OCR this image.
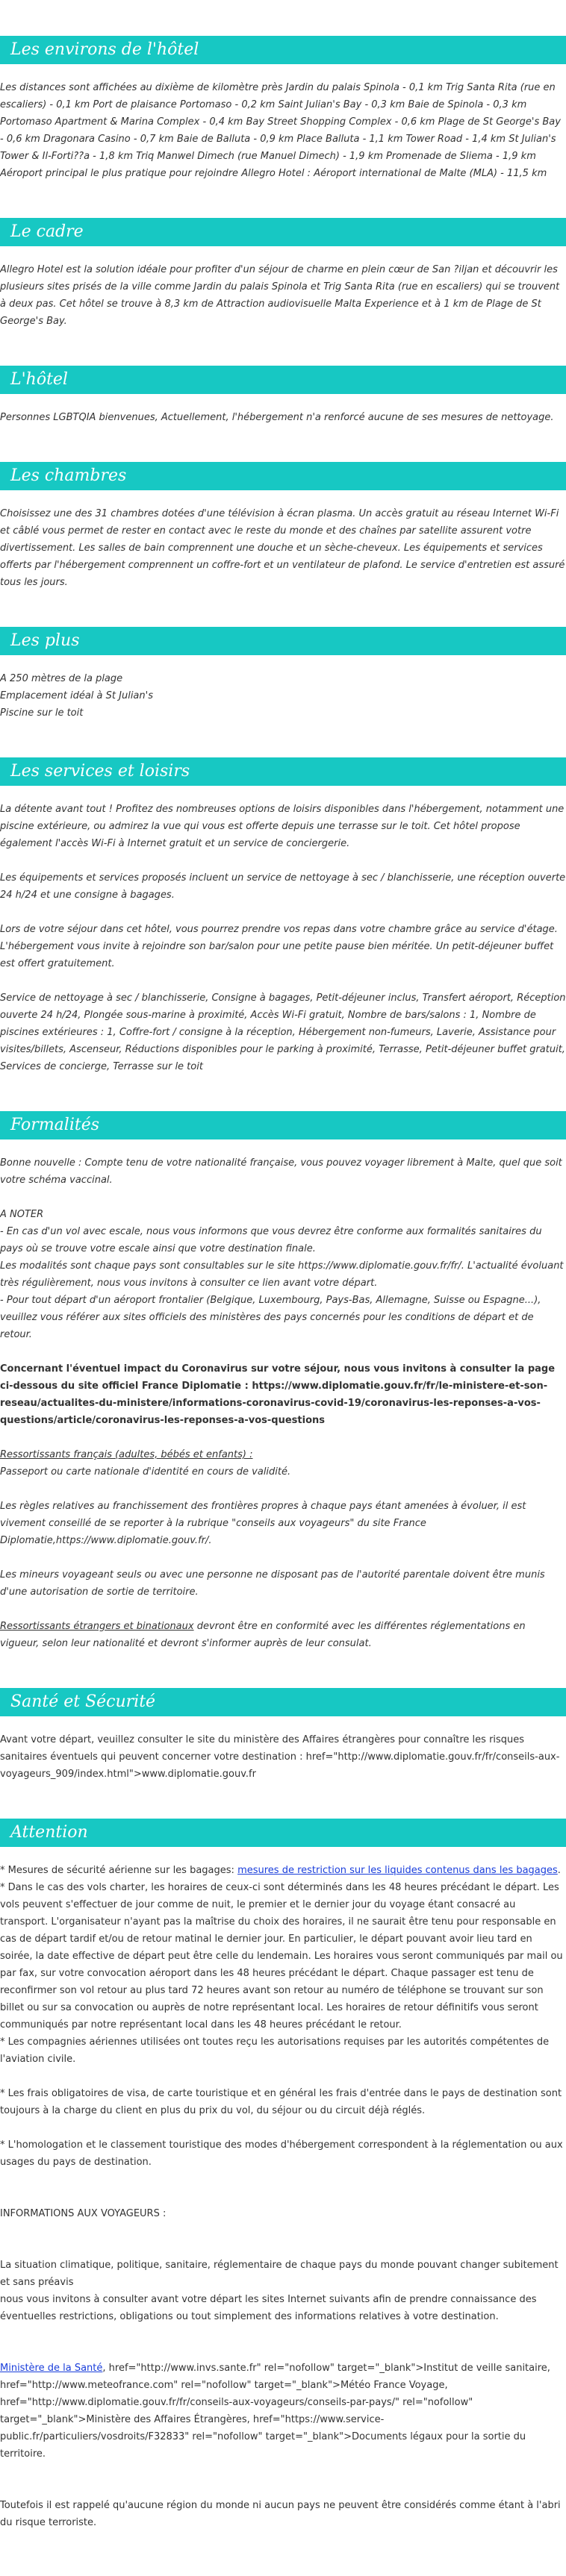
Les environs de l'hôtel
Les distances sont affichées au dixième de kilomètre près Jardin du palais Spinola - 0,1 km Trig Santa Rita (rue en escaliers) - 0,1 km Port de plaisance Portomaso - 0,2 km Saint Julian's Bay - 0,3 km Baie de Spinola - 0,3 km Portomaso Apartment & Marina Complex - 0,4 km Bay Street Shopping Complex - 0,6 km Plage de St George's Bay - 0,6 km Dragonara Casino - 0,7 km Baie de Balluta - 0,9 km Place Balluta - 1,1 km Tower Road - 1,4 km St Julian's Tower & Il-Forti??a - 1,8 km Triq Manwel Dimech (rue Manuel Dimech) - 1,9 km Promenade de Sliema - 1,9 km Aéroport principal le plus pratique pour rejoindre Allegro Hotel : Aéroport international de Malte (MLA) - 11,5 km
Le cadre
Allegro Hotel est la solution idéale pour profiter d'un séjour de charme en plein cœur de San ?iljan et découvrir les plusieurs sites prisés de la ville comme Jardin du palais Spinola et Trig Santa Rita (rue en escaliers) qui se trouvent à deux pas. Cet hôtel se trouve à 8,3 km de Attraction audiovisuelle Malta Experience et à 1 km de Plage de St George's Bay.
L'hôtel
Personnes LGBTQIA bienvenues, Actuellement, l'hébergement n'a renforcé aucune de ses mesures de nettoyage.
Les chambres
Choisissez une des 31 chambres dotées d'une télévision à écran plasma. Un accès gratuit au réseau Internet Wi-Fi et câblé vous permet de rester en contact avec le reste du monde et des chaînes par satellite assurent votre divertissement. Les salles de bain comprennent une douche et un sèche-cheveux. Les équipements et services offerts par l'hébergement comprennent un coffre-fort et un ventilateur de plafond. Le service d'entretien est assuré tous les jours.
Les plus
A 250 mètres de la plage
Emplacement idéal à St Julian's
Piscine sur le toit
Les services et loisirs
La détente avant tout ! Profitez des nombreuses options de loisirs disponibles dans l'hébergement, notamment une piscine extérieure, ou admirez la vue qui vous est offerte depuis une terrasse sur le toit. Cet hôtel propose également l'accès Wi-Fi à Internet gratuit et un service de conciergerie.
Les équipements et services proposés incluent un service de nettoyage à sec / blanchisserie, une réception ouverte 24 h/24 et une consigne à bagages.
Lors de votre séjour dans cet hôtel, vous pourrez prendre vos repas dans votre chambre grâce au service d'étage. L'hébergement vous invite à rejoindre son bar/salon pour une petite pause bien méritée. Un petit-déjeuner buffet est offert gratuitement.
Service de nettoyage à sec / blanchisserie, Consigne à bagages, Petit-déjeuner inclus, Transfert aéroport, Réception ouverte 24 h/24, Plongée sous-marine à proximité, Accès Wi-Fi gratuit, Nombre de bars/salons : 1, Nombre de piscines extérieures : 1, Coffre-fort / consigne à la réception, Hébergement non-fumeurs, Laverie, Assistance pour visites/billets, Ascenseur, Réductions disponibles pour le parking à proximité, Terrasse, Petit-déjeuner buffet gratuit, Services de concierge, Terrasse sur le toit
Formalités
Bonne nouvelle : Compte tenu de votre nationalité française, vous pouvez voyager librement à Malte, quel que soit votre schéma vaccinal.
A NOTER
- En cas d'un vol avec escale, nous vous informons que vous devrez être conforme aux formalités sanitaires du pays où se trouve votre escale ainsi que votre destination finale.
Les modalités sont chaque pays sont consultables sur le site https://www.diplomatie.gouv.fr/fr/. L'actualité évoluant très régulièrement, nous vous invitons à consulter ce lien avant votre départ.
- Pour tout départ d'un aéroport frontalier (Belgique, Luxembourg, Pays-Bas, Allemagne, Suisse ou Espagne...), veuillez vous référer aux sites officiels des ministères des pays concernés pour les conditions de départ et de retour.
Concernant l'éventuel impact du Coronavirus sur votre séjour, nous vous invitons à consulter la page ci-dessous du site officiel France Diplomatie : https://www.diplomatie.gouv.fr/fr/le-ministere-et-son-reseau/actualites-du-ministere/informations-coronavirus-covid-19/coronavirus-les-reponses-a-vos-questions/article/coronavirus-les-reponses-a-vos-questions
Ressortissants français (adultes, bébés et enfants) :
Passeport ou carte nationale d'identité en cours de validité.
Les règles relatives au franchissement des frontières propres à chaque pays étant amenées à évoluer, il est vivement conseillé de se reporter à la rubrique "conseils aux voyageurs" du site France Diplomatie,https://www.diplomatie.gouv.fr/.
Les mineurs voyageant seuls ou avec une personne ne disposant pas de l'autorité parentale doivent être munis d'une autorisation de sortie de territoire.
Ressortissants étrangers et binationaux devront être en conformité avec les différentes réglementations en vigueur, selon leur nationalité et devront s'informer auprès de leur consulat.
Santé et Sécurité
Avant votre départ, veuillez consulter le site du ministère des Affaires étrangères pour connaître les risques sanitaires éventuels qui peuvent concerner votre destination : href="http://www.diplomatie.gouv.fr/fr/conseils-aux-voyageurs_909/index.html">www.diplomatie.gouv.fr
Attention
* Mesures de sécurité aérienne sur les bagages: mesures de restriction sur les liquides contenus dans les bagages.
* Dans le cas des vols charter, les horaires de ceux-ci sont déterminés dans les 48 heures précédant le départ. Les vols peuvent s'effectuer de jour comme de nuit, le premier et le dernier jour du voyage étant consacré au transport. L'organisateur n'ayant pas la maîtrise du choix des horaires, il ne saurait être tenu pour responsable en cas de départ tardif et/ou de retour matinal le dernier jour. En particulier, le départ pouvant avoir lieu tard en soirée, la date effective de départ peut être celle du lendemain. Les horaires vous seront communiqués par mail ou par fax, sur votre convocation aéroport dans les 48 heures précédant le départ. Chaque passager est tenu de reconfirmer son vol retour au plus tard 72 heures avant son retour au numéro de téléphone se trouvant sur son billet ou sur sa convocation ou auprès de notre représentant local. Les horaires de retour définitifs vous seront communiqués par notre représentant local dans les 48 heures précédant le retour.
* Les compagnies aériennes utilisées ont toutes reçu les autorisations requises par les autorités compétentes de l'aviation civile.
* Les frais obligatoires de visa, de carte touristique et en général les frais d'entrée dans le pays de destination sont toujours à la charge du client en plus du prix du vol, du séjour ou du circuit déjà réglés.
* L'homologation et le classement touristique des modes d'hébergement correspondent à la réglementation ou aux usages du pays de destination.
INFORMATIONS AUX VOYAGEURS :
La situation climatique, politique, sanitaire, réglementaire de chaque pays du monde pouvant changer subitement et sans préavis
nous vous invitons à consulter avant votre départ les sites Internet suivants afin de prendre connaissance des éventuelles restrictions, obligations ou tout simplement des informations relatives à votre destination.
Ministère de la Santé, href="http://www.invs.sante.fr" rel="nofollow" target="_blank">Institut de veille sanitaire, href="http://www.meteofrance.com" rel="nofollow" target="_blank">Météo France Voyage, href="http://www.diplomatie.gouv.fr/fr/conseils-aux-voyageurs/conseils-par-pays/" rel="nofollow" target="_blank">Ministère des Affaires Étrangères, href="https://www.service-public.fr/particuliers/vosdroits/F32833" rel="nofollow" target="_blank">Documents légaux pour la sortie du territoire.
Toutefois il est rappelé qu'aucune région du monde ni aucun pays ne peuvent être considérés comme étant à l'abri du risque terroriste.
